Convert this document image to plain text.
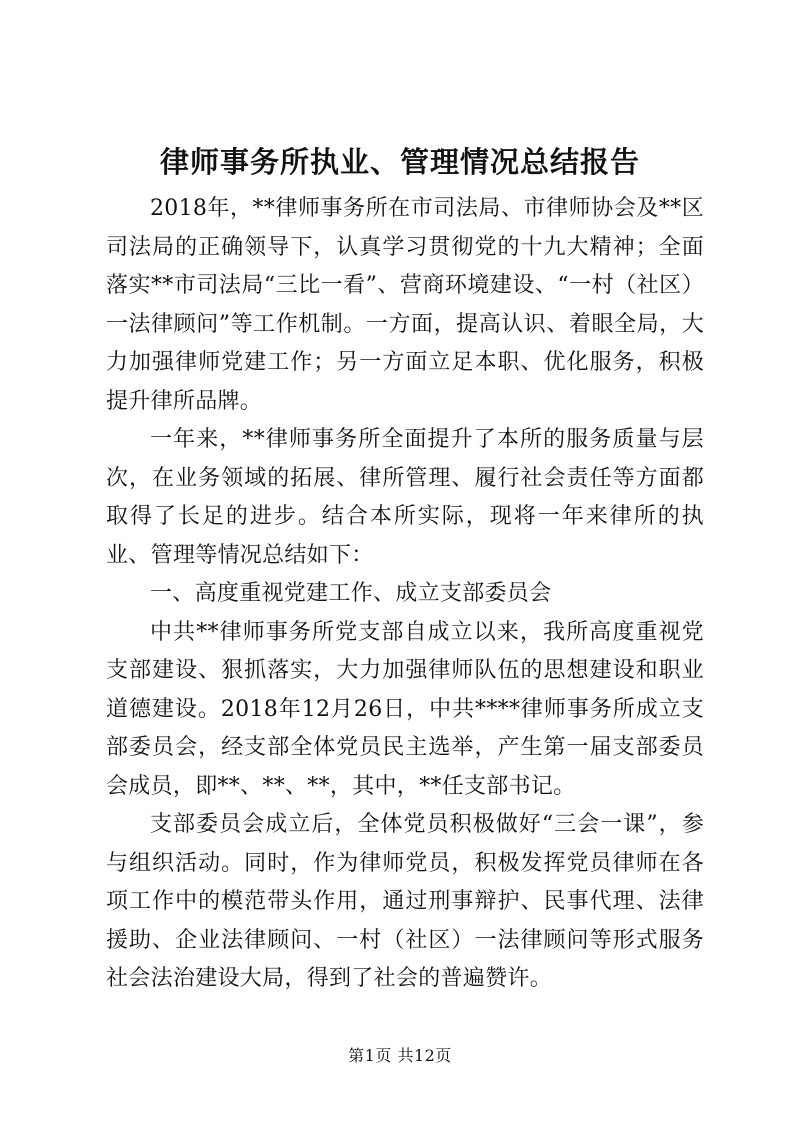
律师事务所执业、管理情况总结报告

2018年，**律师事务所在市司法局、市律师协会及**区司法局的正确领导下，认真学习贯彻党的十九大精神；全面落实**市司法局“三比一看”、营商环境建设、“一村（社区）一法律顾问”等工作机制。一方面，提高认识、着眼全局，大力加强律师党建工作；另一方面立足本职、优化服务，积极提升律所品牌。

一年来，**律师事务所全面提升了本所的服务质量与层次，在业务领域的拓展、律所管理、履行社会责任等方面都取得了长足的进步。结合本所实际，现将一年来律所的执业、管理等情况总结如下：

一、高度重视党建工作、成立支部委员会

中共**律师事务所党支部自成立以来，我所高度重视党支部建设、狠抓落实，大力加强律师队伍的思想建设和职业道德建设。2018年12月26日，中共****律师事务所成立支部委员会，经支部全体党员民主选举，产生第一届支部委员会成员，即**、**、**，其中，**任支部书记。

支部委员会成立后，全体党员积极做好“三会一课”，参与组织活动。同时，作为律师党员，积极发挥党员律师在各项工作中的模范带头作用，通过刑事辩护、民事代理、法律援助、企业法律顾问、一村（社区）一法律顾问等形式服务社会法治建设大局，得到了社会的普遍赞许。

第1页 共12页
